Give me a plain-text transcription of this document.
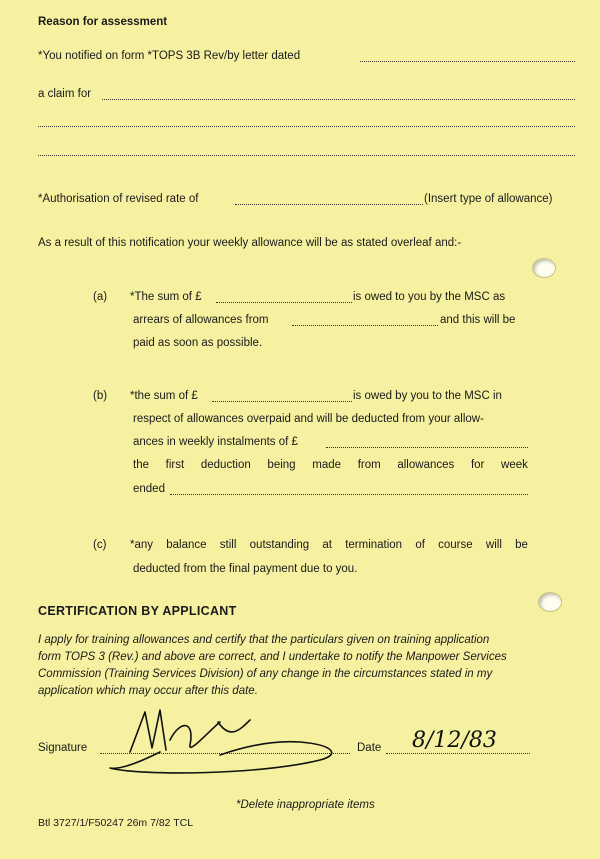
Reason for assessment
*You notified on form *TOPS 3B Rev/by letter dated
a claim for
*Authorisation of revised rate of	(Insert type of allowance)
As a result of this notification your weekly allowance will be as stated overleaf and:-
(a) *The sum of £	is owed to you by the MSC as
arrears of allowances from	and this will be
paid as soon as possible.
(b) *the sum of £	is owed by you to the MSC in
respect of allowances overpaid and will be deducted from your allow-
ances in weekly instalments of £
the first deduction being made from allowances for week
ended
(c) *any balance still outstanding at termination of course will be
deducted from the final payment due to you.
CERTIFICATION BY APPLICANT
I apply for training allowances and certify that the particulars given on training application
form TOPS 3 (Rev.) and above are correct, and I undertake to notify the Manpower Services
Commission (Training Services Division) of any change in the circumstances stated in my
application which may occur after this date.
Signature	Date 8/12/83
*Delete inappropriate items
Btl 3727/1/F50247 26m 7/82 TCL
